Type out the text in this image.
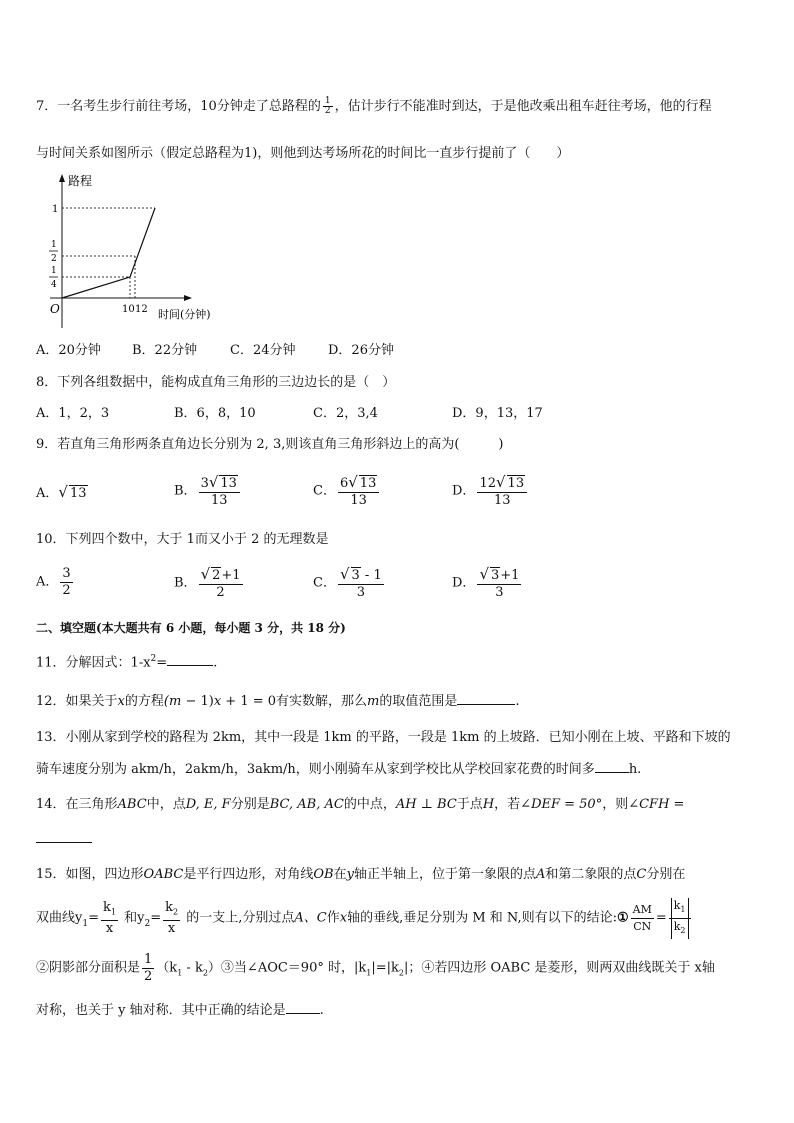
7．一名考生步行前往考场，10分钟走了总路程的 $\frac{1}{2}$ ，估计步行不能准时到达，于是他改乘出租车赶往考场，他的行程
与时间关系如图所示（假定总路程为1)，则他到达考场所花的时间比一直步行提前了（　　）
路程
1
1
2
1
4
O	10 12 时间(分钟)
A．20分钟 B．22分钟	C．24分钟	D．26分钟
8．下列各组数据中，能构成直角三角形的三边边长的是（　）
A．1，2，3	B．6，8，10	C．2，3,4	D．9，13，17
9．若直角三角形两条直角边长分别为 2, 3,则该直角三角形斜边上的高为(　　　)
A．√ 13	B． $\frac{3√ 13}{13}$	C． $\frac{6√ 13}{13}$	D． $\frac{12√ 13}{13}$
10．下列四个数中，大于 1而又小于 2 的无理数是
A． $\frac{3}{2}$	B． $\frac{√ 2+1}{2}$	C． $\frac{√ 3 - 1}{3}$	D． $\frac{√ 3+1}{3}$
二、填空题(本大题共有 6 小题，每小题 3 分，共 18 分)
11．分解因式：$1-x^2=$	.
12．如果关于x的方程(m − 1)x + 1 = 0有实数解，那么m的取值范围是	.
13．小刚从家到学校的路程为 2km，其中一段是 1km 的平路，一段是 1km 的上坡路．已知小刚在上坡、平路和下坡的
骑车速度分别为 akm/h，2akm/h，3akm/h，则小刚骑车从家到学校比从学校回家花费的时间多	h.
14．在三角形ABC中，点D, E, F分别是BC, AB, AC的中点，AH ⊥ BC于点H，若∠DEF = 50°，则∠CFH =
15．如图，四边形OABC是平行四边形，对角线OB在y轴正半轴上，位于第一象限的点A和第二象限的点C分别在
双曲线$y_1= \frac{k_1}{x}$ 和$y_2= \frac{k_2}{x}$ 的一支上,分别过点A、C作x轴的垂线,垂足分别为 M 和 N,则有以下的结论:① $\frac{AM}{CN} = \frac{k_1}{k_2}$
②阴影部分面积是 $\frac{1}{2} (k_1$ - $k_2)③$当∠AOC＝90° 时，$|k_1|=|k_2|$；④若四边形 OABC 是菱形，则两双曲线既关于 x轴
对称，也关于 y 轴对称．其中正确的结论是	.
